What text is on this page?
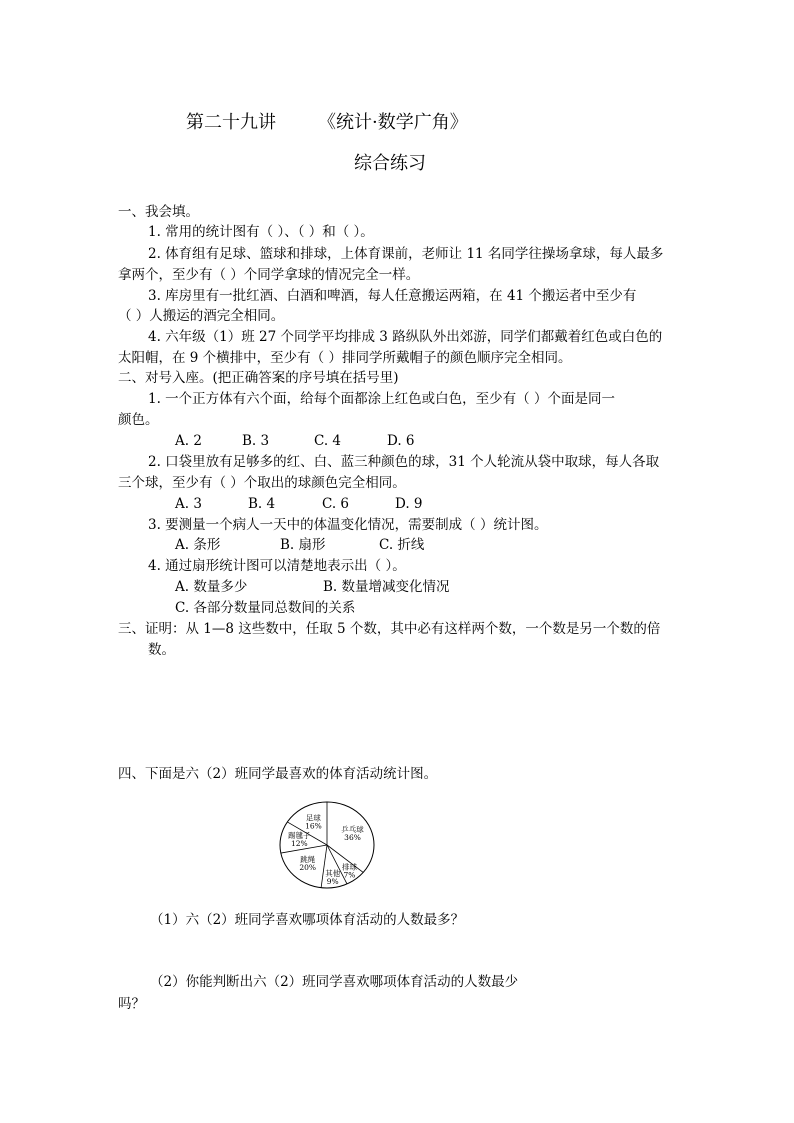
第二十九讲 《统计·数学广角》
综合练习
一、我会填。
1. 常用的统计图有（ ）、（ ）和（ ）。
2. 体育组有足球、篮球和排球，上体育课前，老师让 11 名同学往操场拿球，每人最多
拿两个，至少有（ ）个同学拿球的情况完全一样。
3. 库房里有一批红酒、白酒和啤酒，每人任意搬运两箱，在 41 个搬运者中至少有
（ ）人搬运的酒完全相同。
4. 六年级（1）班 27 个同学平均排成 3 路纵队外出郊游，同学们都戴着红色或白色的
太阳帽，在 9 个横排中，至少有（ ）排同学所戴帽子的颜色顺序完全相同。
二、对号入座。(把正确答案的序号填在括号里)
1. 一个正方体有六个面，给每个面都涂上红色或白色，至少有（ ）个面是同一
颜色。
A. 2	B. 3	C. 4	D. 6
2. 口袋里放有足够多的红、白、蓝三种颜色的球，31 个人轮流从袋中取球，每人各取
三个球，至少有（ ）个取出的球颜色完全相同。
A. 3	B. 4	C. 6	D. 9
3. 要测量一个病人一天中的体温变化情况，需要制成（ ）统计图。
A. 条形	B. 扇形	C. 折线
4. 通过扇形统计图可以清楚地表示出（ ）。
A. 数量多少	B. 数量增减变化情况
C. 各部分数量同总数间的关系
三、证明：从 1—8 这些数中，任取 5 个数，其中必有这样两个数，一个数是另一个数的倍
数。
四、下面是六（2）班同学最喜欢的体育活动统计图。
乒乓球 36%
排球 7%
其他 9%
跳绳 20%
踢毽子 12%
足球 16%
（1）六（2）班同学喜欢哪项体育活动的人数最多？
（2）你能判断出六（2）班同学喜欢哪项体育活动的人数最少
吗？
